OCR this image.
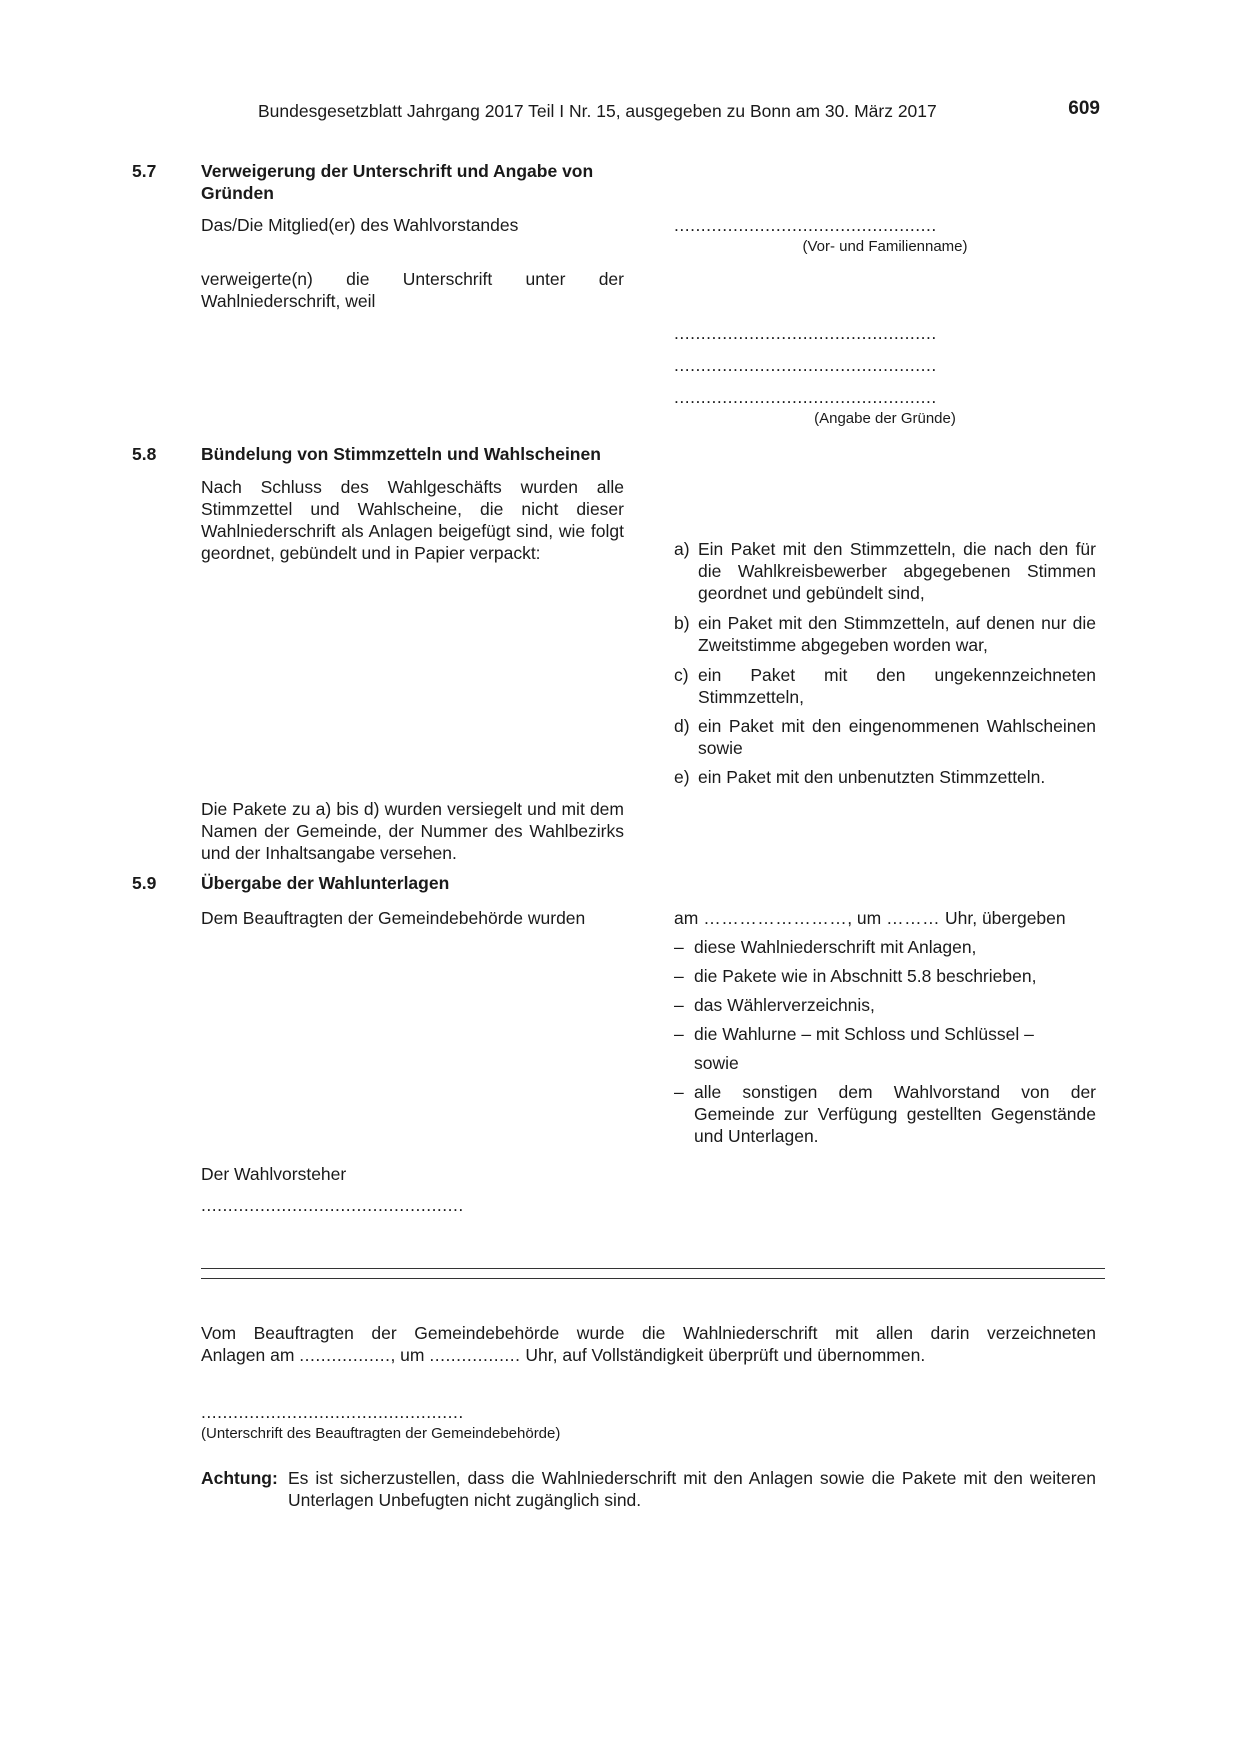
Bundesgesetzblatt Jahrgang 2017 Teil I Nr. 15, ausgegeben zu Bonn am 30. März 2017	609
5.7	Verweigerung der Unterschrift und Angabe von
Gründen
Das/Die Mitglied(er) des Wahlvorstandes	.................................................
(Vor- und Familienname)
verweigerte(n) die Unterschrift unter der Wahlniederschrift, weil
.................................................
.................................................
.................................................
(Angabe der Gründe)
5.8	Bündelung von Stimmzetteln und Wahlscheinen
Nach Schluss des Wahlgeschäfts wurden alle Stimmzettel und Wahlscheine, die nicht dieser Wahlniederschrift als Anlagen beigefügt sind, wie folgt geordnet, gebündelt und in Papier verpackt:	a) Ein Paket mit den Stimmzetteln, die nach den für die Wahlkreisbewerber abgegebenen Stimmen geordnet und gebündelt sind,
b) ein Paket mit den Stimmzetteln, auf denen nur die Zweitstimme abgegeben worden war,
c) ein Paket mit den ungekennzeichneten Stimmzetteln,
d) ein Paket mit den eingenommenen Wahlscheinen sowie
e) ein Paket mit den unbenutzten Stimmzetteln.
Die Pakete zu a) bis d) wurden versiegelt und mit dem Namen der Gemeinde, der Nummer des Wahlbezirks und der Inhaltsangabe versehen.
5.9	Übergabe der Wahlunterlagen
Dem Beauftragten der Gemeindebehörde wurden	am ……………………, um ……… Uhr, übergeben
– diese Wahlniederschrift mit Anlagen,
– die Pakete wie in Abschnitt 5.8 beschrieben,
– das Wählerverzeichnis,
– die Wahlurne – mit Schloss und Schlüssel –
sowie
– alle sonstigen dem Wahlvorstand von der Gemeinde zur Verfügung gestellten Gegenstände und Unterlagen.
Der Wahlvorsteher
.................................................
Vom Beauftragten der Gemeindebehörde wurde die Wahlniederschrift mit allen darin verzeichneten
Anlagen am ................., um ................. Uhr, auf Vollständigkeit überprüft und übernommen.
.................................................
(Unterschrift des Beauftragten der Gemeindebehörde)
Achtung: Es ist sicherzustellen, dass die Wahlniederschrift mit den Anlagen sowie die Pakete mit den weiteren Unterlagen Unbefugten nicht zugänglich sind.
